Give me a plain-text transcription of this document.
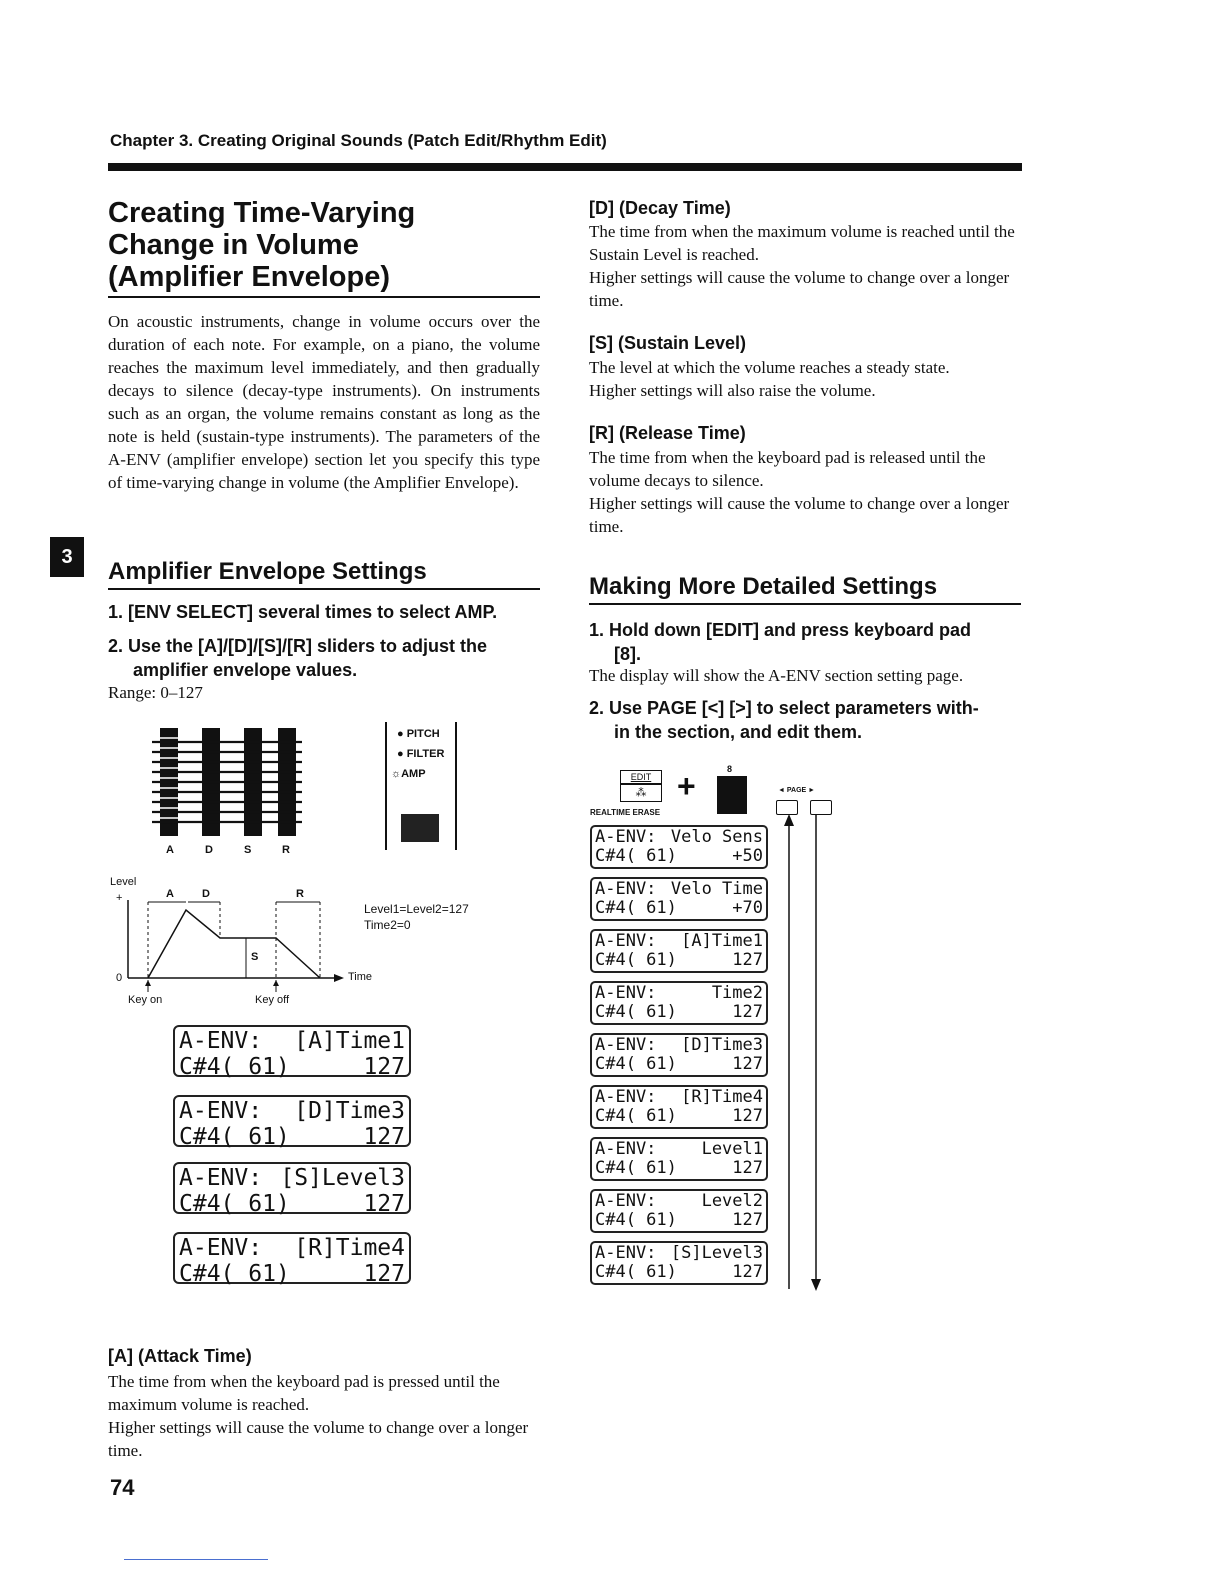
Chapter 3. Creating Original Sounds (Patch Edit/Rhythm Edit)
3
Creating Time-Varying
Change in Volume
(Amplifier Envelope)
On acoustic instruments, change in volume occurs over the duration of each note. For example, on a piano, the volume reaches the maximum level immediately, and then gradually decays to silence (decay-type instruments). On instruments such as an organ, the volume remains constant as long as the note is held (sustain-type instruments). The parameters of the A-ENV (amplifier envelope) section let you specify this type of time-varying change in volume (the Amplifier Envelope).
Amplifier Envelope Settings
1. [ENV SELECT] several times to select AMP.
2. Use the [A]/[D]/[S]/[R] sliders to adjust the
amplifier envelope values.
Range: 0–127
A	D	S	R
● PITCH
● FILTER
☼AMP
Level
+
0
A	D
S
R
Time
Key on	Key off
Level1=Level2=127
Time2=0
A-ENV: [A]Time1
C#4( 61)	127
A-ENV: [D]Time3
C#4( 61)	127
A-ENV: [S]Level3
C#4( 61)	127
A-ENV: [R]Time4
C#4( 61)	127
[A] (Attack Time)
The time from when the keyboard pad is pressed until the maximum volume is reached.
Higher settings will cause the volume to change over a longer time.
74
[D] (Decay Time)
The time from when the maximum volume is reached until the Sustain Level is reached.
Higher settings will cause the volume to change over a longer time.
[S] (Sustain Level)
The level at which the volume reaches a steady state.
Higher settings will also raise the volume.
[R] (Release Time)
The time from when the keyboard pad is released until the volume decays to silence.
Higher settings will cause the volume to change over a longer time.
Making More Detailed Settings
1. Hold down [EDIT] and press keyboard pad
[8].
The display will show the A-ENV section setting page.
2. Use PAGE [<] [>] to select parameters with-
in the section, and edit them.
EDIT
⁂
REALTIME ERASE
+	8
◄ PAGE ►
A-ENV: Velo Sens
C#4( 61)	+50
A-ENV: Velo Time
C#4( 61)	+70
A-ENV: [A]Time1
C#4( 61)	127
A-ENV:	Time2
C#4( 61)	127
A-ENV: [D]Time3
C#4( 61)	127
A-ENV: [R]Time4
C#4( 61)	127
A-ENV:	Level1
C#4( 61)	127
A-ENV:	Level2
C#4( 61)	127
A-ENV: [S]Level3
C#4( 61)	127
